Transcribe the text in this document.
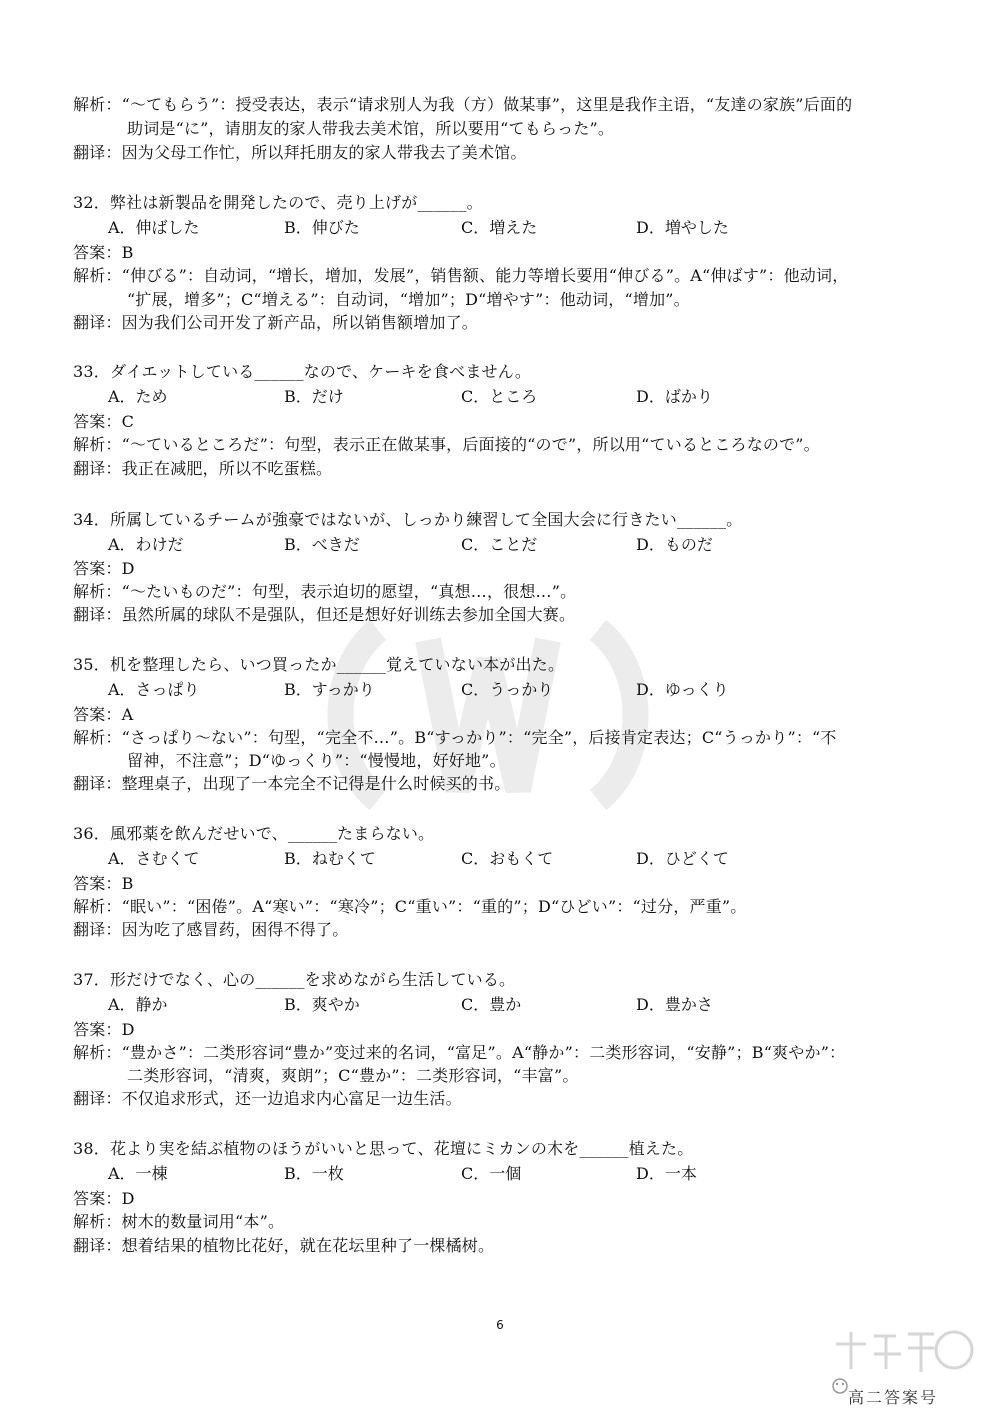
解析：“～てもらう”：授受表达，表示“请求别人为我（方）做某事”，这里是我作主语，“友達の家族”后面的
助词是“に”，请朋友的家人带我去美术馆，所以要用“てもらった”。
翻译：因为父母工作忙，所以拜托朋友的家人带我去了美术馆。
32．弊社は新製品を開発したので、売り上げが______。
A．伸ばした	B．伸びた	C．増えた	D．増やした
答案：B
解析：“伸びる”：自动词，“增长，增加，发展”，销售额、能力等增长要用“伸びる”。A“伸ばす”：他动词，
“扩展，增多”；C“増える”：自动词，“增加”；D“増やす”：他动词，“增加”。
翻译：因为我们公司开发了新产品，所以销售额增加了。
33．ダイエットしている______なので、ケーキを食べません。
A．ため	B．だけ	C．ところ	D．ばかり
答案：C
解析：“～ているところだ”：句型，表示正在做某事，后面接的“ので”，所以用“ているところなので”。
翻译：我正在减肥，所以不吃蛋糕。
34．所属しているチームが強豪ではないが、しっかり練習して全国大会に行きたい______。
A．わけだ	B．べきだ	C．ことだ	D．ものだ
答案：D
解析：“～たいものだ”：句型，表示迫切的愿望，“真想…，很想…”。
翻译：虽然所属的球队不是强队，但还是想好好训练去参加全国大赛。
35．机を整理したら、いつ買ったか______覚えていない本が出た。
A．さっぱり	B．すっかり	C．うっかり	D．ゆっくり
答案：A
解析：“さっぱり～ない”：句型，“完全不…”。B“すっかり”：“完全”，后接肯定表达；C“うっかり”：“不
留神，不注意”；D“ゆっくり”：“慢慢地，好好地”。
翻译：整理桌子，出现了一本完全不记得是什么时候买的书。
36．風邪薬を飲んだせいで、______たまらない。
A．さむくて	B．ねむくて	C．おもくて	D．ひどくて
答案：B
解析：“眠い”：“困倦”。A“寒い”：“寒冷”；C“重い”：“重的”；D“ひどい”：“过分，严重”。
翻译：因为吃了感冒药，困得不得了。
37．形だけでなく、心の______を求めながら生活している。
A．静か	B．爽やか	C．豊か	D．豊かさ
答案：D
解析：“豊かさ”：二类形容词“豊か”变过来的名词，“富足”。A“静か”：二类形容词，“安静”；B“爽やか”：
二类形容词，“清爽，爽朗”；C“豊か”：二类形容词，“丰富”。
翻译：不仅追求形式，还一边追求内心富足一边生活。
38．花より実を結ぶ植物のほうがいいと思って、花壇にミカンの木を______植えた。
A．一棟	B．一枚	C．一個	D．一本
答案：D
解析：树木的数量词用“本”。
翻译：想着结果的植物比花好，就在花坛里种了一棵橘树。
6
高二答案号
